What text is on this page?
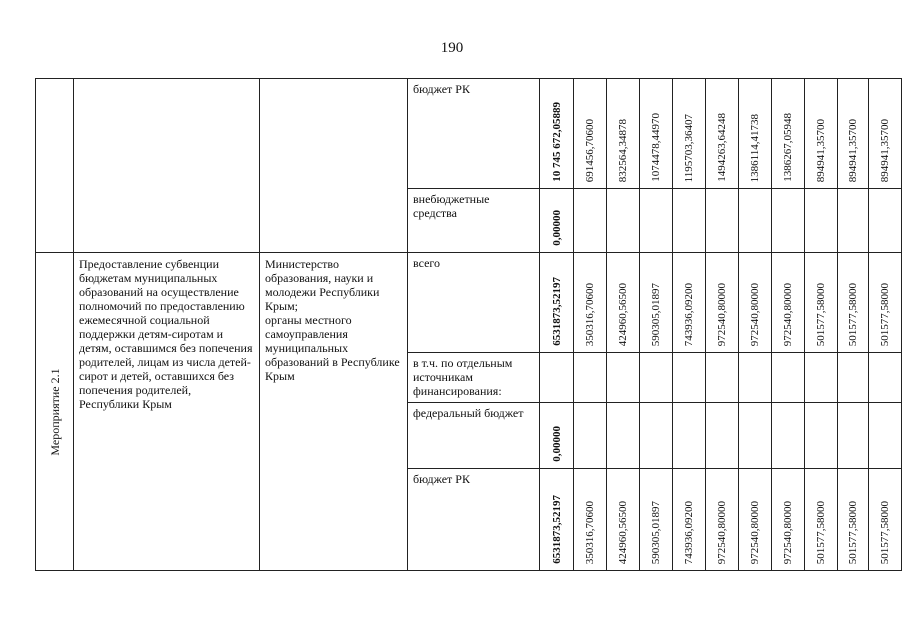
190

			бюджет РК	10 745 672,05889	691456,70600	832564,34878	1074478,44970	1195703,36407	1494263,64248	1386114,41738	1386267,05948	894941,35700	894941,35700	894941,35700

			внебюджетные средства	0,00000										

Мероприятие 2.1	Предоставление субвенции бюджетам муниципальных образований на осуществление полномочий по предоставлению ежемесячной социальной поддержки детям-сиротам и детям, оставшимся без попечения родителей, лицам из числа детей-сирот и детей, оставшихся без попечения родителей, Республики Крым	Министерство образования, науки и молодежи Республики Крым;
органы местного самоуправления муниципальных образований в Республике Крым	всего	6531873,52197	350316,70600	424960,56500	590305,01897	743936,09200	972540,80000	972540,80000	972540,80000	501577,58000	501577,58000	501577,58000

			в т.ч. по отдельным источникам финансирования:											

			федеральный бюджет	0,00000										

			бюджет РК	6531873,52197	350316,70600	424960,56500	590305,01897	743936,09200	972540,80000	972540,80000	972540,80000	501577,58000	501577,58000	501577,58000
